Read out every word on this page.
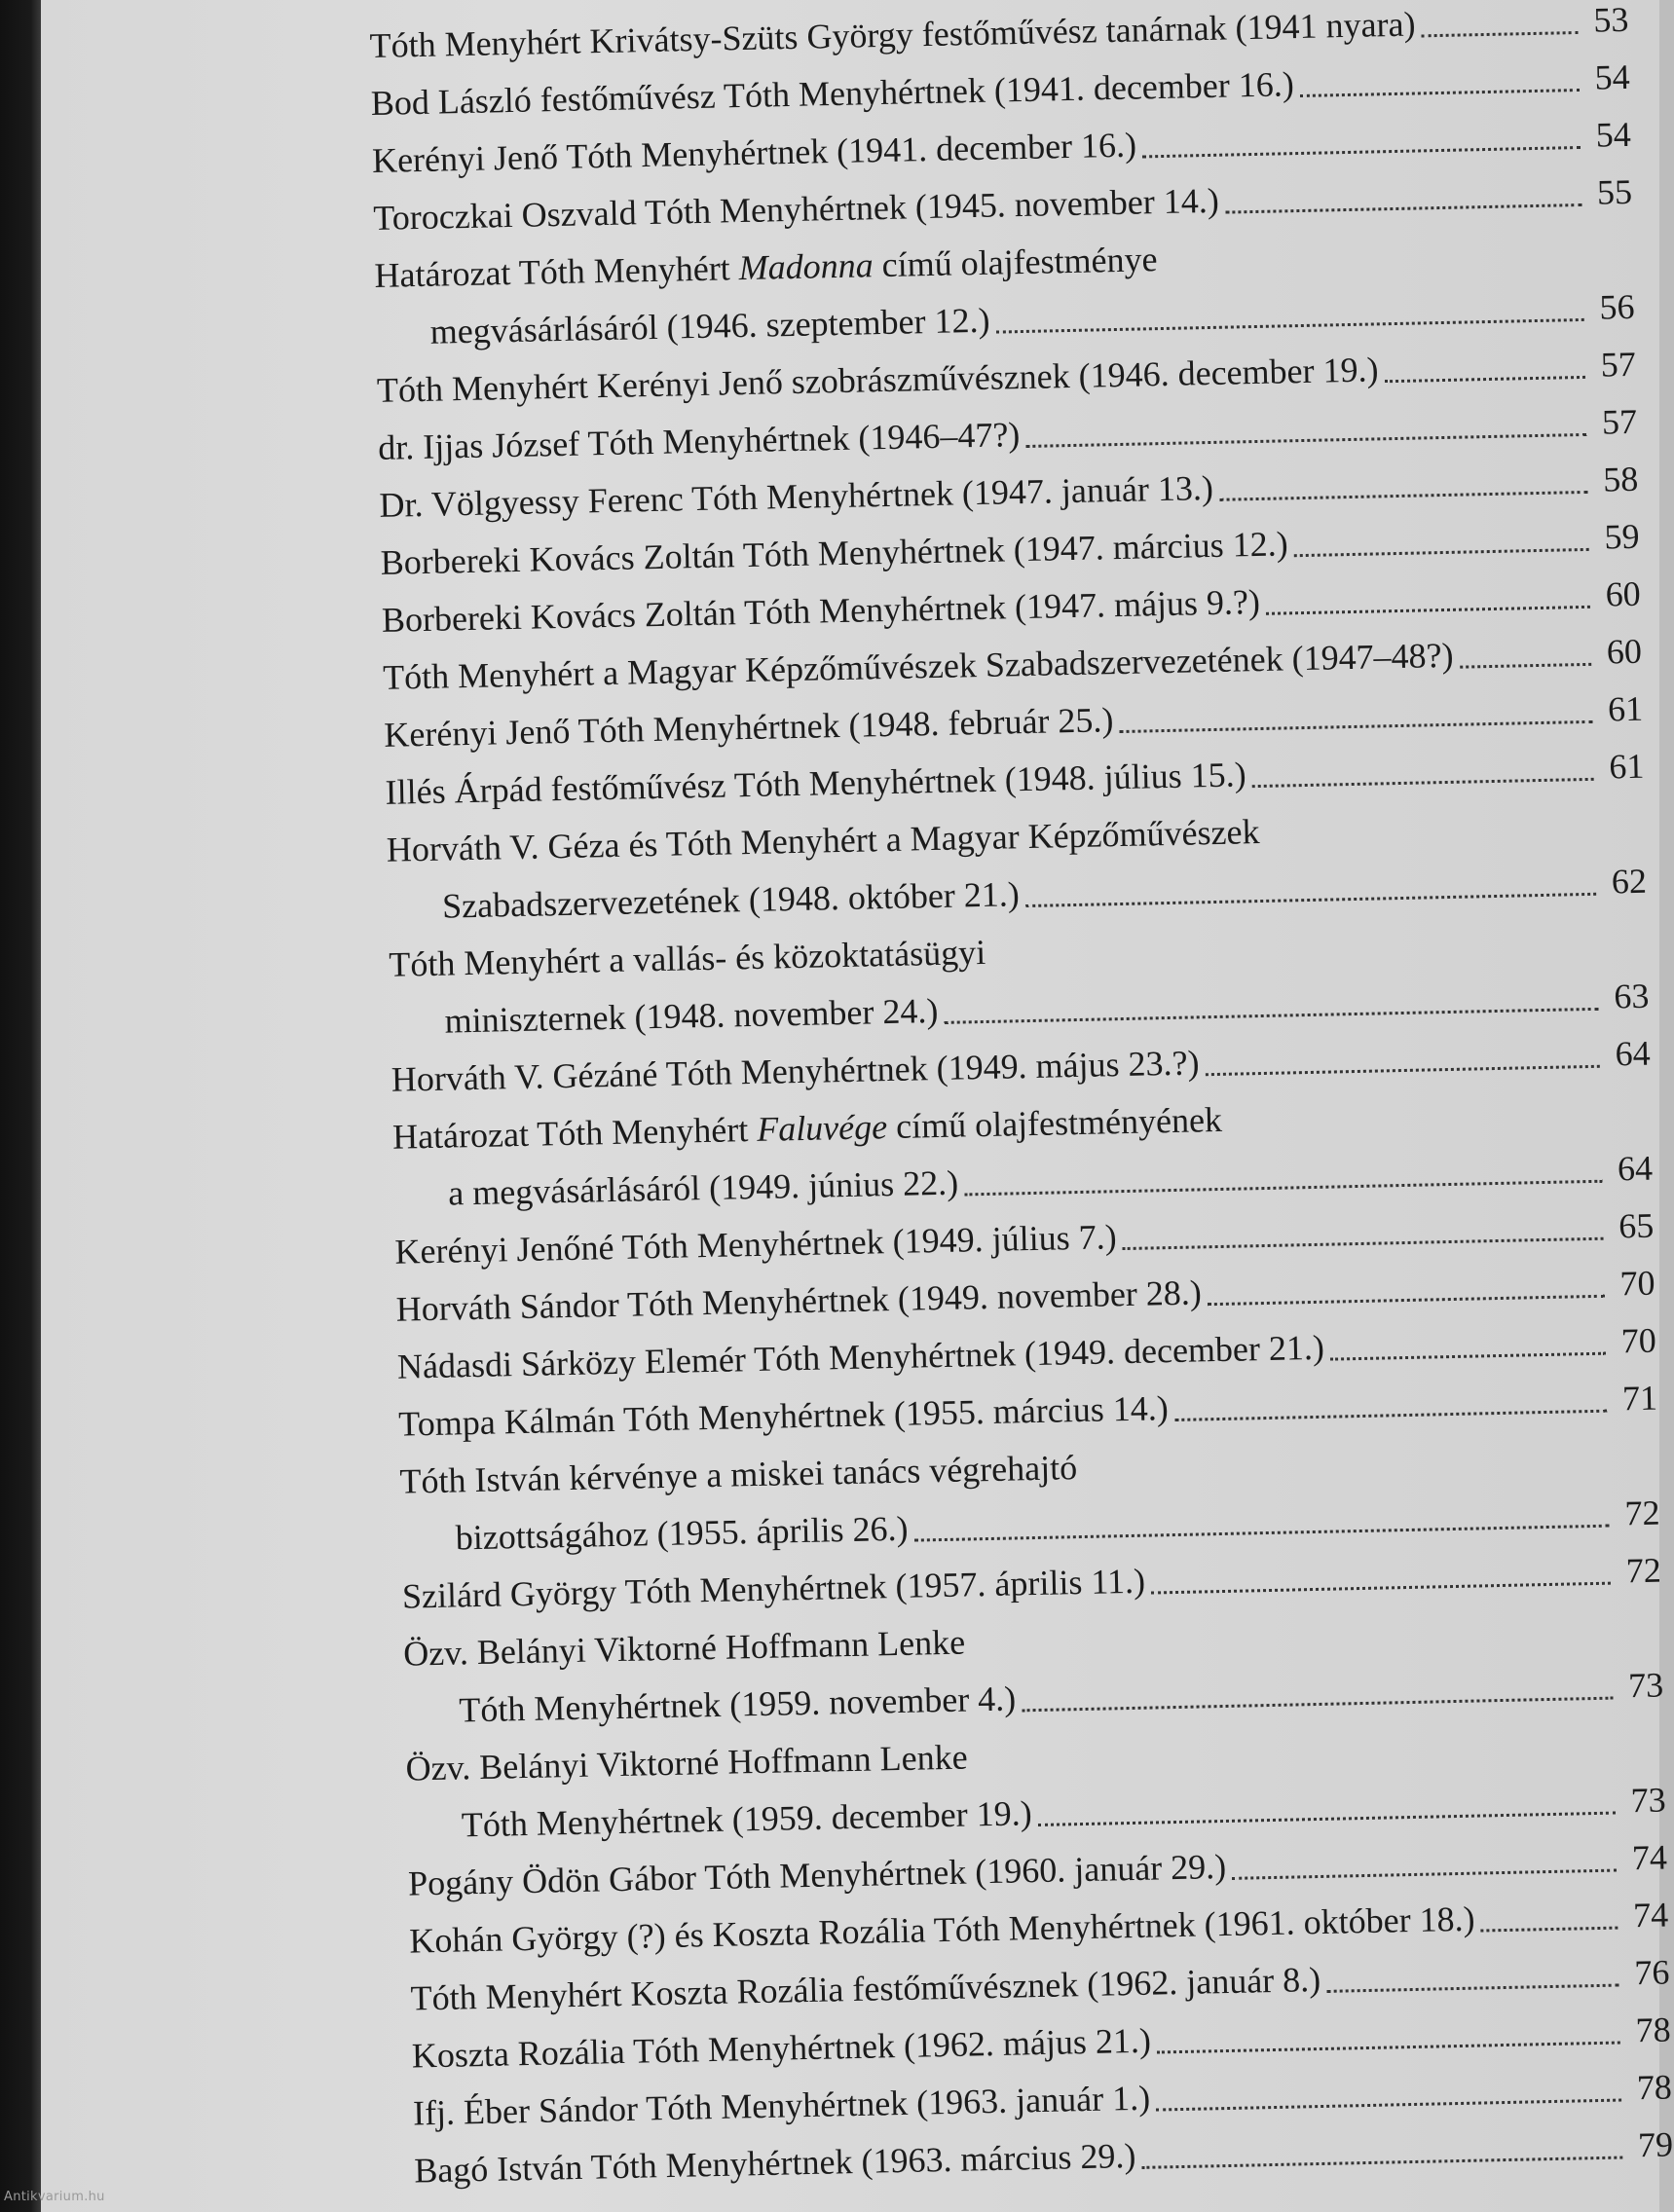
Tóth Menyhért Krivátsy-Szüts György festőművész tanárnak (1941 nyara)	53
Bod László festőművész Tóth Menyhértnek (1941. december 16.)	54
Kerényi Jenő Tóth Menyhértnek (1941. december 16.)	54
Toroczkai Oszvald Tóth Menyhértnek (1945. november 14.)	55
Határozat Tóth Menyhért Madonna című olajfestménye
megvásárlásáról (1946. szeptember 12.)	56
Tóth Menyhért Kerényi Jenő szobrászművésznek (1946. december 19.)	57
dr. Ijjas József Tóth Menyhértnek (1946–47?)	57
Dr. Völgyessy Ferenc Tóth Menyhértnek (1947. január 13.)	58
Borbereki Kovács Zoltán Tóth Menyhértnek (1947. március 12.)	59
Borbereki Kovács Zoltán Tóth Menyhértnek (1947. május 9.?)	60
Tóth Menyhért a Magyar Képzőművészek Szabadszervezetének (1947–48?)	60
Kerényi Jenő Tóth Menyhértnek (1948. február 25.)	61
Illés Árpád festőművész Tóth Menyhértnek (1948. július 15.)	61
Horváth V. Géza és Tóth Menyhért a Magyar Képzőművészek
Szabadszervezetének (1948. október 21.)	62
Tóth Menyhért a vallás- és közoktatásügyi
miniszternek (1948. november 24.)	63
Horváth V. Gézáné Tóth Menyhértnek (1949. május 23.?)	64
Határozat Tóth Menyhért Faluvége című olajfestményének
a megvásárlásáról (1949. június 22.)	64
Kerényi Jenőné Tóth Menyhértnek (1949. július 7.)	65
Horváth Sándor Tóth Menyhértnek (1949. november 28.)	70
Nádasdi Sárközy Elemér Tóth Menyhértnek (1949. december 21.)	70
Tompa Kálmán Tóth Menyhértnek (1955. március 14.)	71
Tóth István kérvénye a miskei tanács végrehajtó
bizottságához (1955. április 26.)	72
Szilárd György Tóth Menyhértnek (1957. április 11.)	72
Özv. Belányi Viktorné Hoffmann Lenke
Tóth Menyhértnek (1959. november 4.)	73
Özv. Belányi Viktorné Hoffmann Lenke
Tóth Menyhértnek (1959. december 19.)	73
Pogány Ödön Gábor Tóth Menyhértnek (1960. január 29.)	74
Kohán György (?) és Koszta Rozália Tóth Menyhértnek (1961. október 18.)	74
Tóth Menyhért Koszta Rozália festőművésznek (1962. január 8.)	76
Koszta Rozália Tóth Menyhértnek (1962. május 21.)	78
Ifj. Éber Sándor Tóth Menyhértnek (1963. január 1.)	78
Bagó István Tóth Menyhértnek (1963. március 29.)	79
Antikvarium.hu
